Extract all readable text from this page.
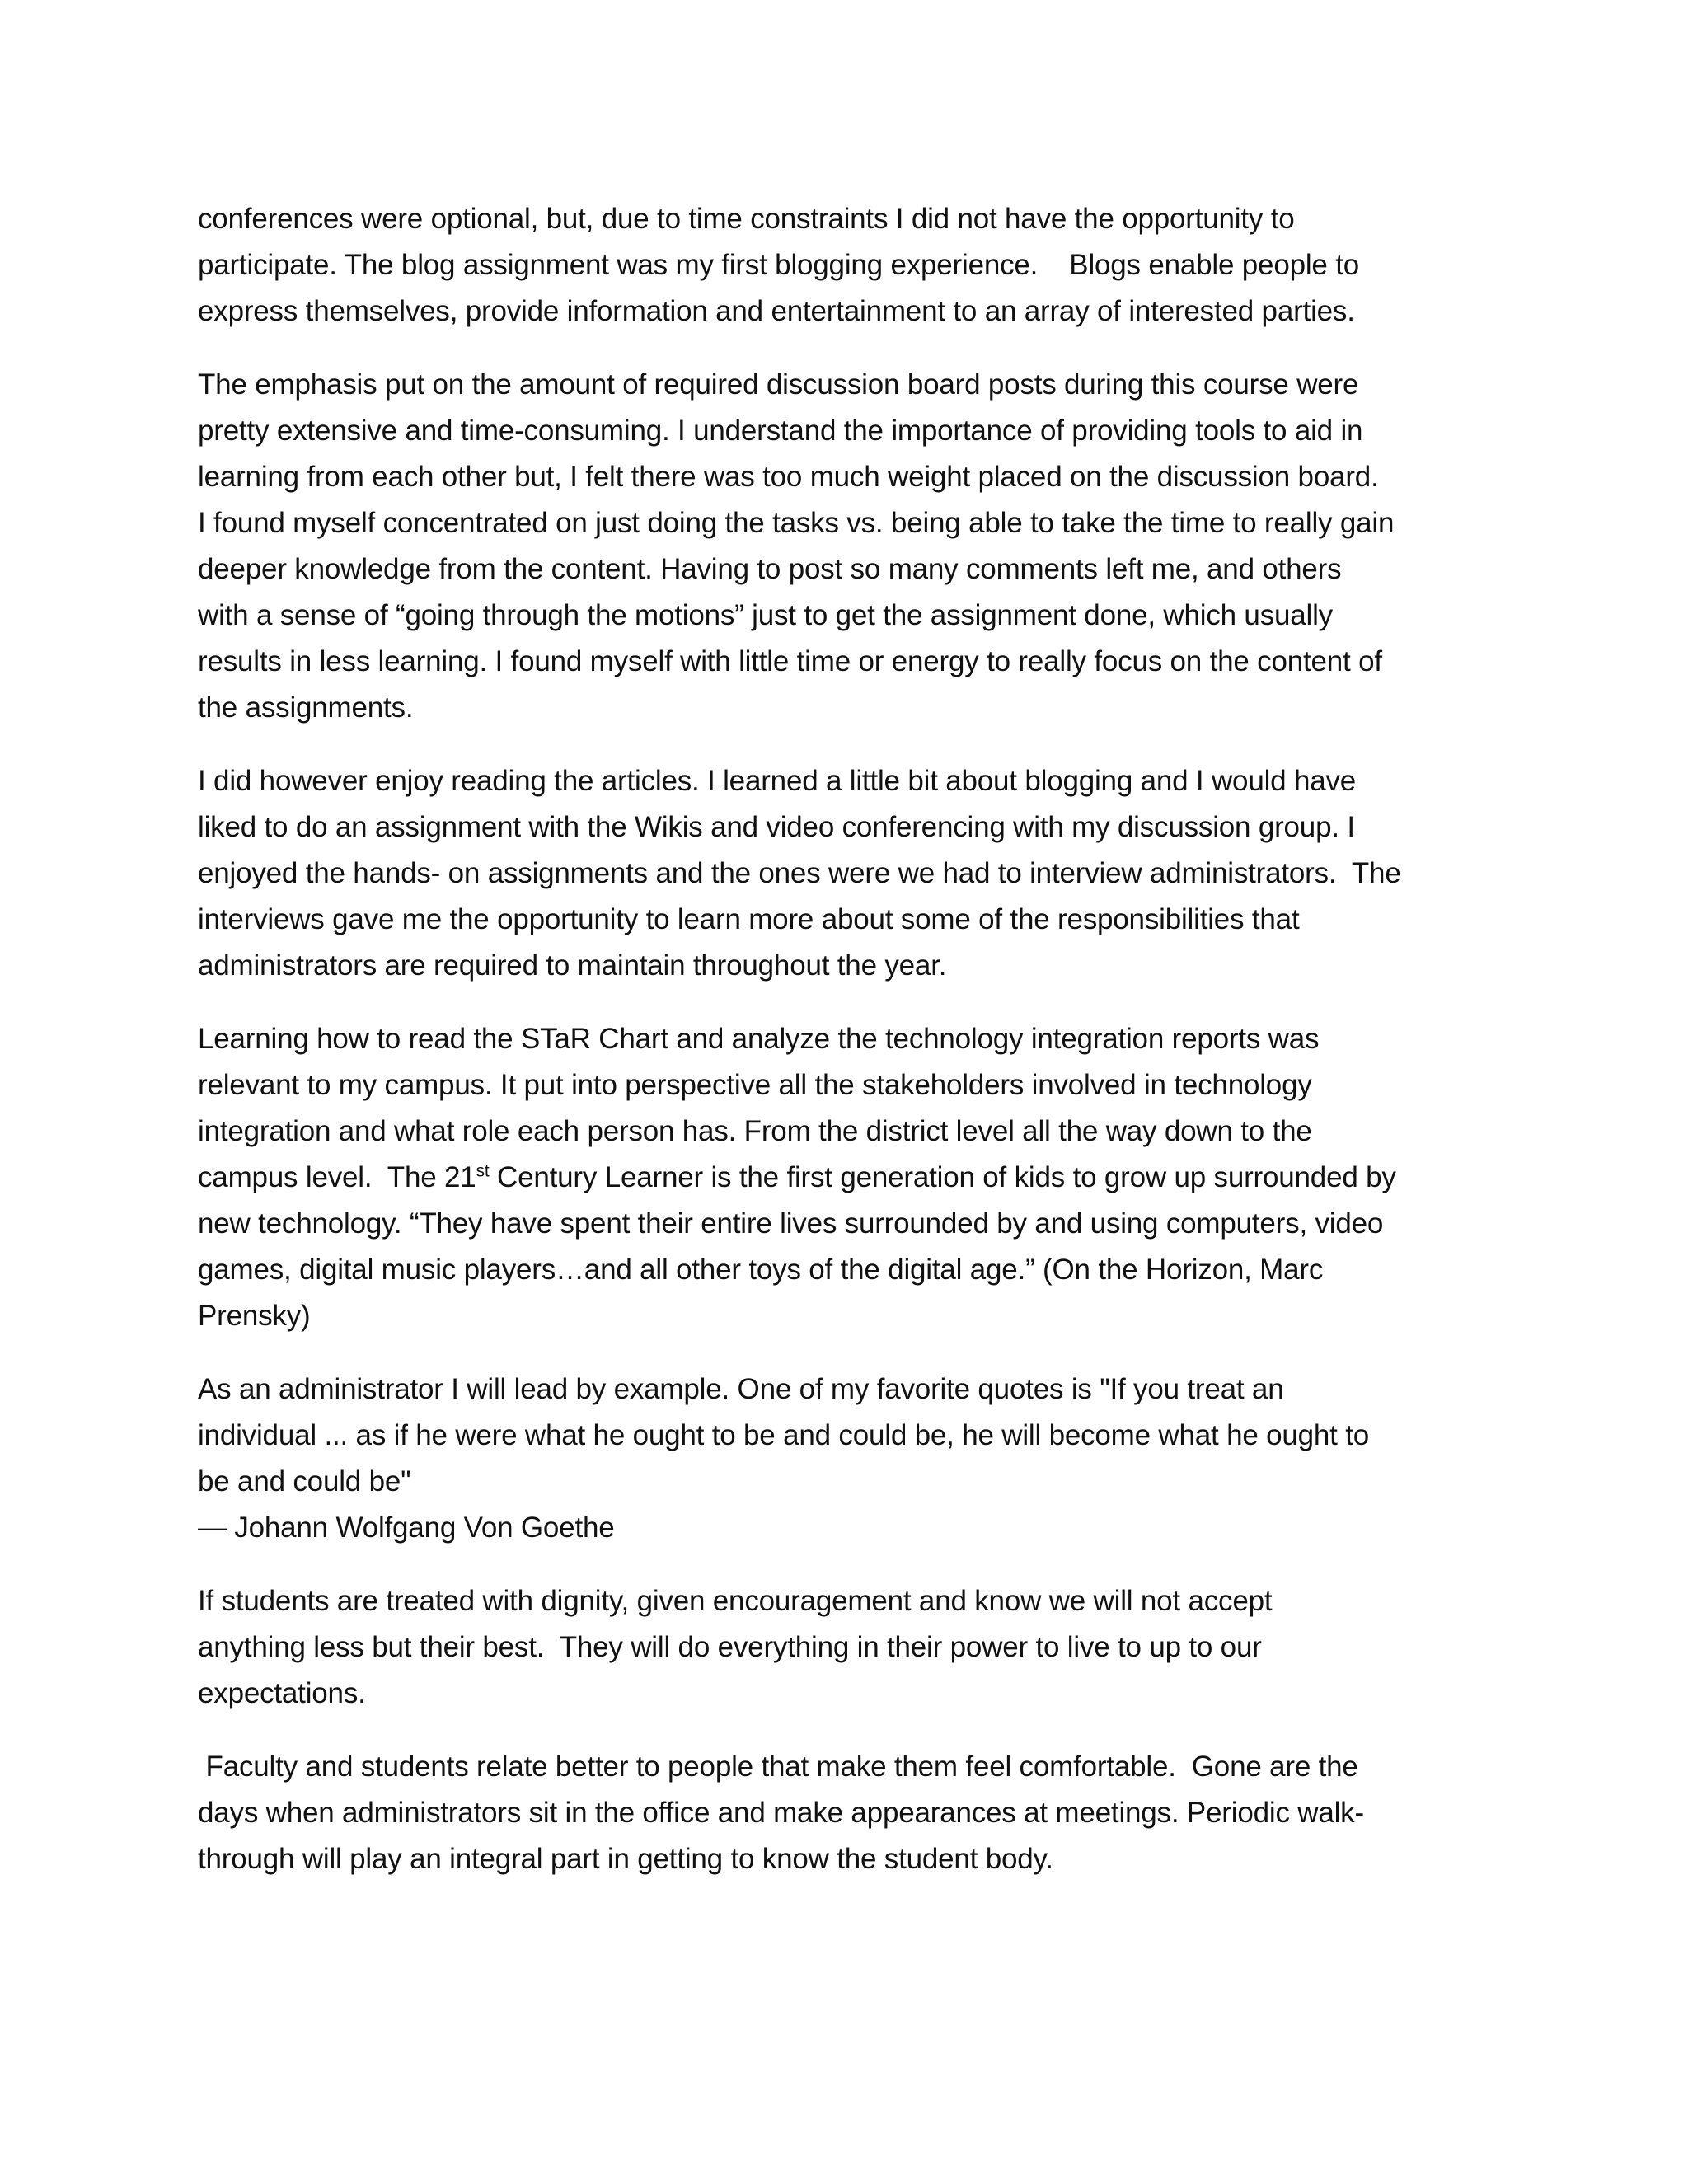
conferences were optional, but, due to time constraints I did not have the opportunity to
participate. The blog assignment was my first blogging experience.    Blogs enable people to
express themselves, provide information and entertainment to an array of interested parties.

The emphasis put on the amount of required discussion board posts during this course were
pretty extensive and time-consuming. I understand the importance of providing tools to aid in
learning from each other but, I felt there was too much weight placed on the discussion board.
I found myself concentrated on just doing the tasks vs. being able to take the time to really gain
deeper knowledge from the content. Having to post so many comments left me, and others
with a sense of “going through the motions” just to get the assignment done, which usually
results in less learning. I found myself with little time or energy to really focus on the content of
the assignments.

I did however enjoy reading the articles. I learned a little bit about blogging and I would have
liked to do an assignment with the Wikis and video conferencing with my discussion group. I
enjoyed the hands- on assignments and the ones were we had to interview administrators.  The
interviews gave me the opportunity to learn more about some of the responsibilities that
administrators are required to maintain throughout the year.

Learning how to read the STaR Chart and analyze the technology integration reports was
relevant to my campus. It put into perspective all the stakeholders involved in technology
integration and what role each person has. From the district level all the way down to the
campus level.  The 21st Century Learner is the first generation of kids to grow up surrounded by
new technology. “They have spent their entire lives surrounded by and using computers, video
games, digital music players…and all other toys of the digital age.” (On the Horizon, Marc
Prensky)

As an administrator I will lead by example. One of my favorite quotes is "If you treat an
individual ... as if he were what he ought to be and could be, he will become what he ought to
be and could be"
— Johann Wolfgang Von Goethe

If students are treated with dignity, given encouragement and know we will not accept
anything less but their best.  They will do everything in their power to live to up to our
expectations.

Faculty and students relate better to people that make them feel comfortable.  Gone are the
days when administrators sit in the office and make appearances at meetings. Periodic walk-
through will play an integral part in getting to know the student body.
